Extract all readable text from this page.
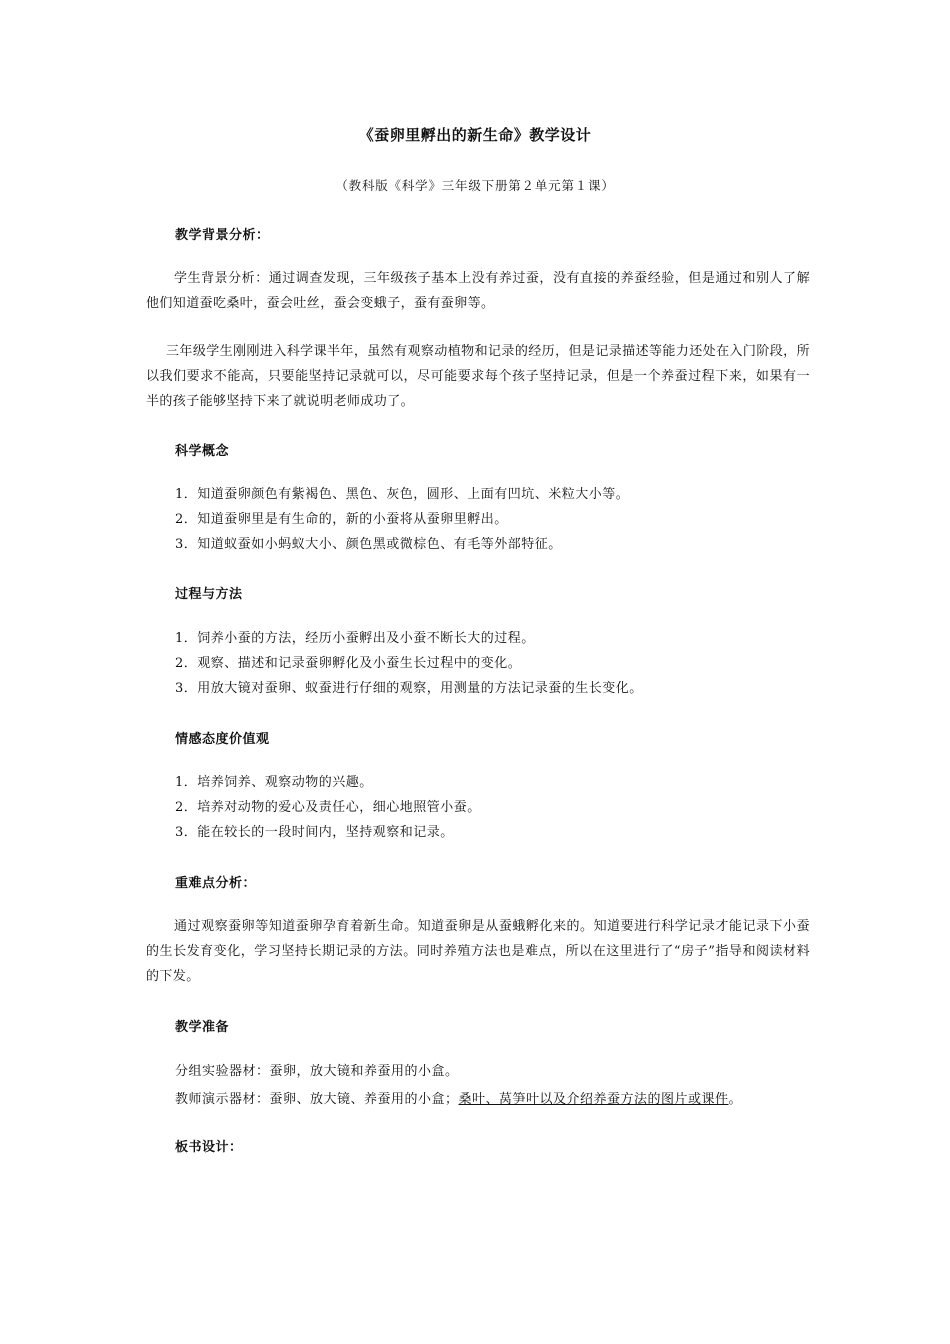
《蚕卵里孵出的新生命》教学设计
（教科版《科学》三年级下册第２单元第１课）
教学背景分析：
学生背景分析：通过调查发现，三年级孩子基本上没有养过蚕，没有直接的养蚕经验，但是通过和别人了解他们知道蚕吃桑叶，蚕会吐丝，蚕会变蛾子，蚕有蚕卵等。
三年级学生刚刚进入科学课半年，虽然有观察动植物和记录的经历，但是记录描述等能力还处在入门阶段，所以我们要求不能高，只要能坚持记录就可以，尽可能要求每个孩子坚持记录，但是一个养蚕过程下来，如果有一半的孩子能够坚持下来了就说明老师成功了。
科学概念
1．知道蚕卵颜色有紫褐色、黑色、灰色，圆形、上面有凹坑、米粒大小等。
2．知道蚕卵里是有生命的，新的小蚕将从蚕卵里孵出。
3．知道蚁蚕如小蚂蚁大小、颜色黑或微棕色、有毛等外部特征。
过程与方法
1．饲养小蚕的方法，经历小蚕孵出及小蚕不断长大的过程。
2．观察、描述和记录蚕卵孵化及小蚕生长过程中的变化。
3．用放大镜对蚕卵、蚁蚕进行仔细的观察，用测量的方法记录蚕的生长变化。
情感态度价值观
1．培养饲养、观察动物的兴趣。
2．培养对动物的爱心及责任心，细心地照管小蚕。
3．能在较长的一段时间内，坚持观察和记录。
重难点分析：
通过观察蚕卵等知道蚕卵孕育着新生命。知道蚕卵是从蚕蛾孵化来的。知道要进行科学记录才能记录下小蚕的生长发育变化，学习坚持长期记录的方法。同时养殖方法也是难点，所以在这里进行了“房子”指导和阅读材料的下发。
教学准备
分组实验器材：蚕卵，放大镜和养蚕用的小盒。
教师演示器材：蚕卵、放大镜、养蚕用的小盒；桑叶、莴笋叶以及介绍养蚕方法的图片或课件。
板书设计：
